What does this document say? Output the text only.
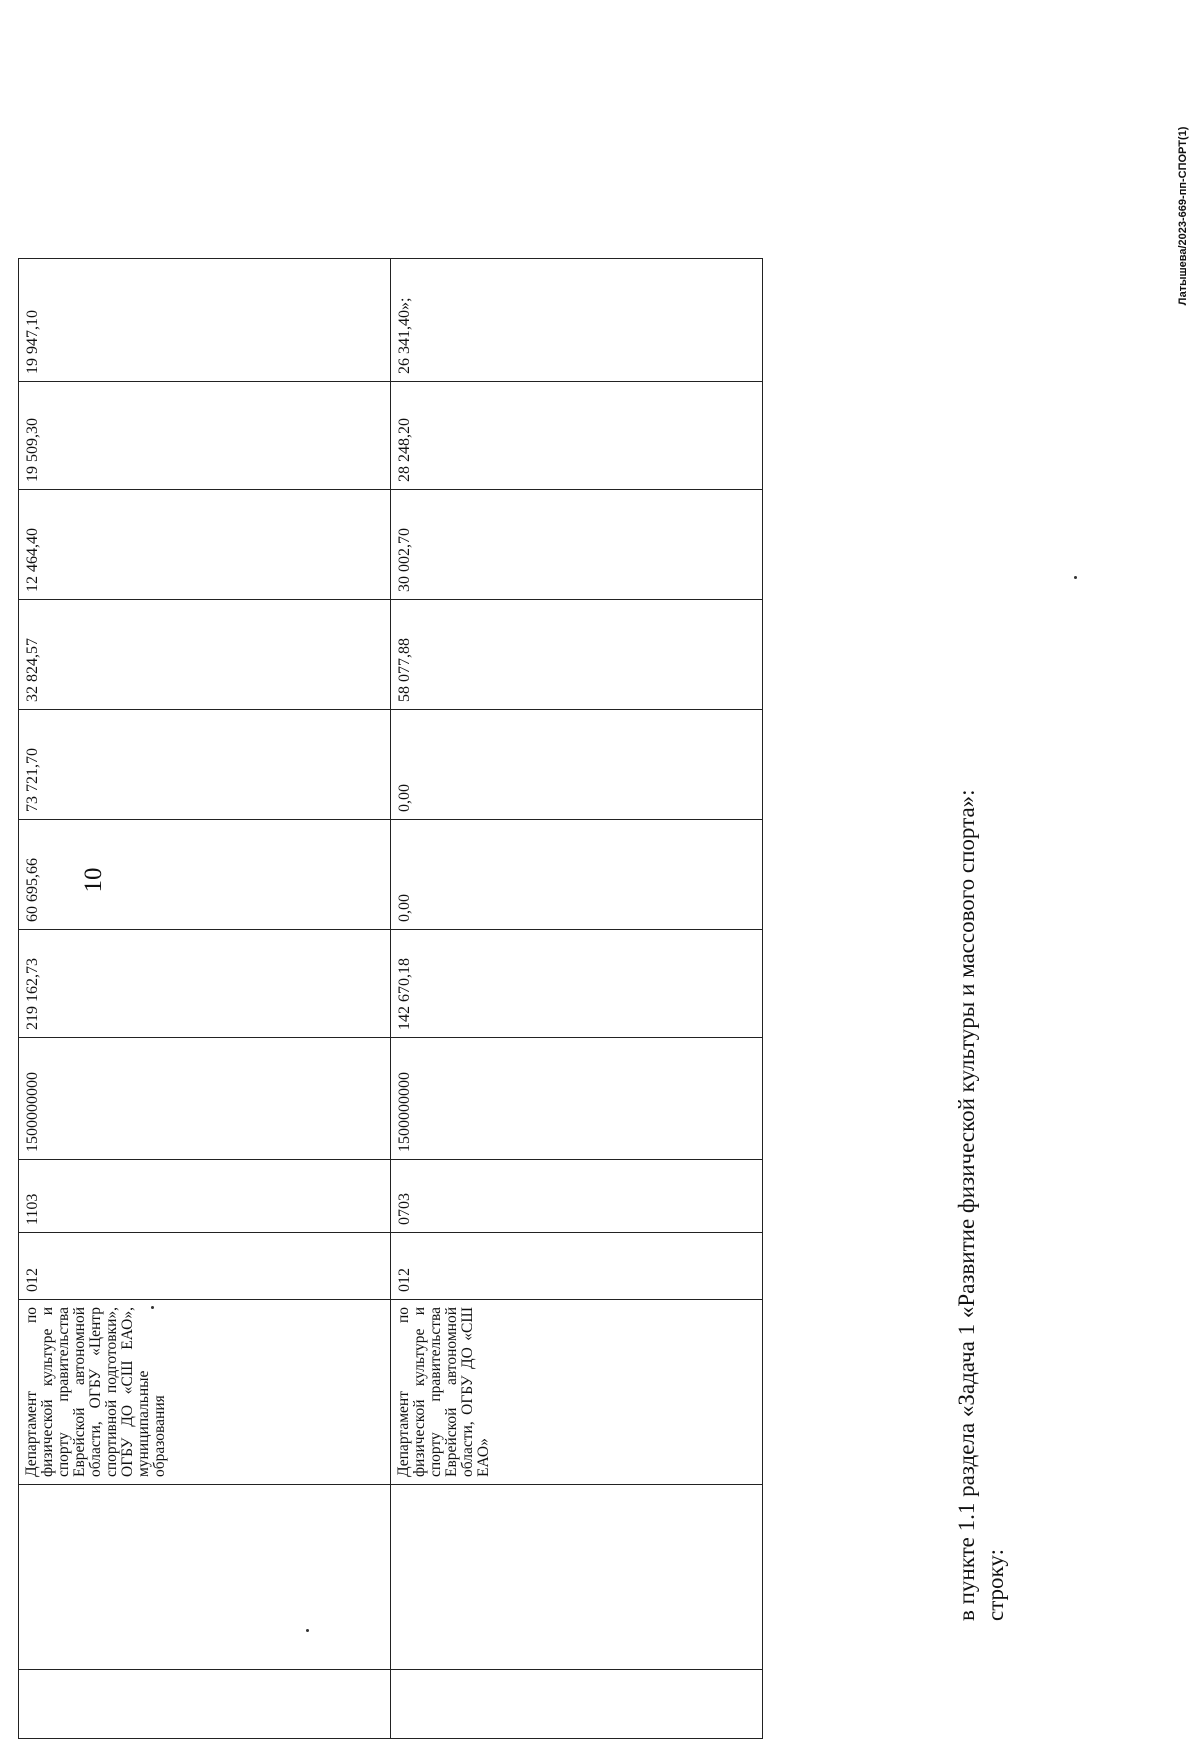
10
		Департамент по физической культуре и спорту правительства Еврейской автономной области, ОГБУ «Центр спортивной подготовки», ОГБУ ДО «СШ ЕАО», муниципальные образования	012	1103	1500000000	219 162,73	60 695,66	73 721,70	32 824,57	12 464,40	19 509,30	19 947,10
		Департамент по физической культуре и спорту правительства Еврейской автономной области, ОГБУ ДО «СШ ЕАО»	012	0703	1500000000	142 670,18	0,00	0,00	58 077,88	30 002,70	28 248,20	26 341,40»;
в пункте 1.1 раздела «Задача 1 «Развитие физической культуры и массового спорта»: строку:
Латышева/2023-669-пп-СПОРТ(1)
